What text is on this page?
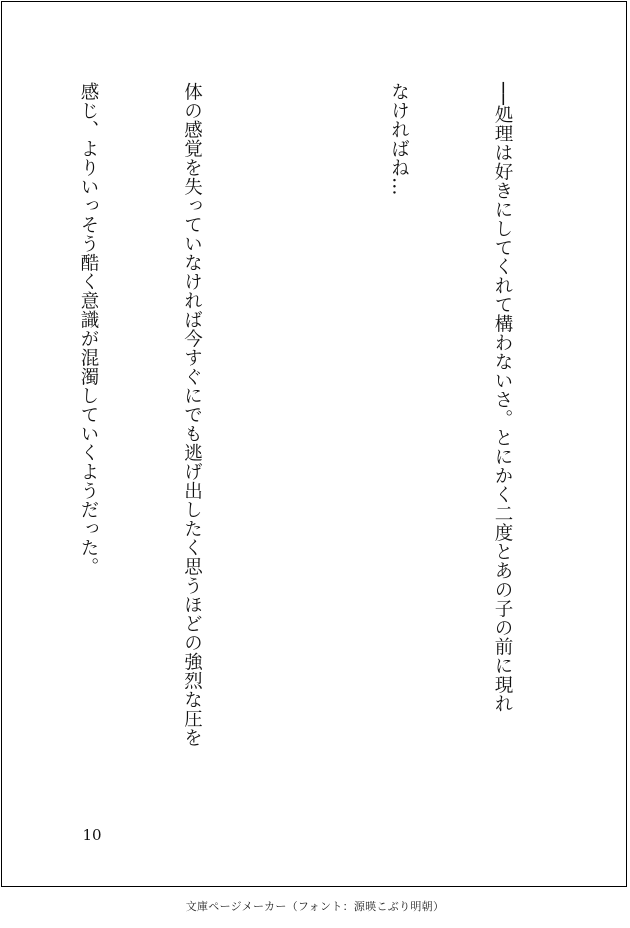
──処理は好きにしてくれて構わないさ。とにかく二度とあの子の前に現れ

なければね…

体の感覚を失っていなければ今すぐにでも逃げ出したく思うほどの強烈な圧を

感じ、よりいっそう酷く意識が混濁していくようだった。

10
文庫ページメーカー（フォント：源暎こぶり明朝）
